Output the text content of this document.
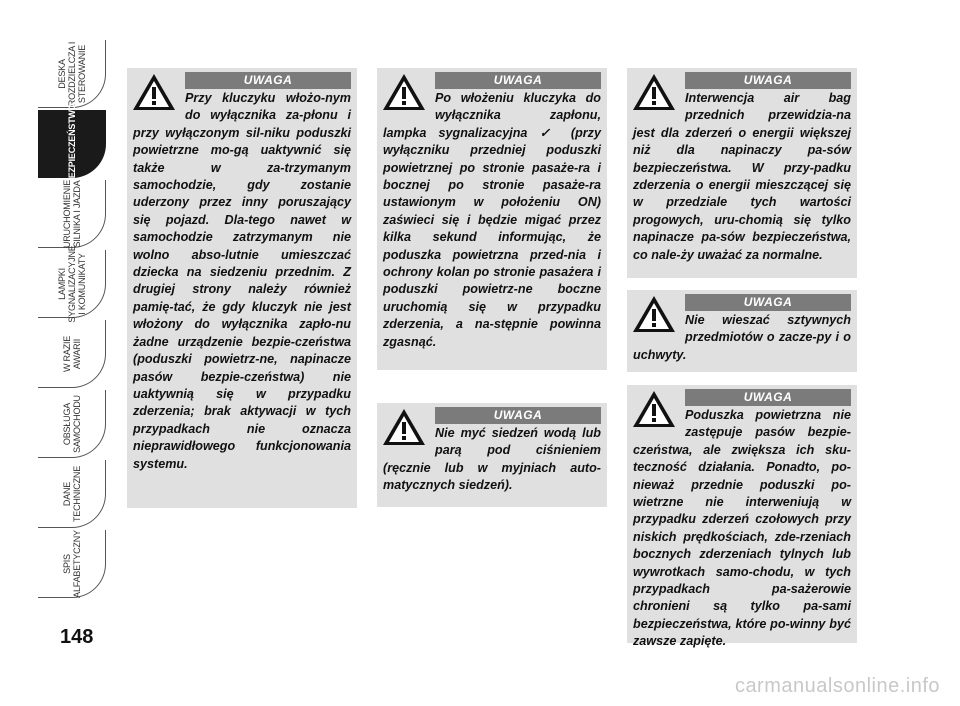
DESKA
ROZDZIELCZA I
STEROWANIE
BEZPIECZEŃSTWO
URUCHOMIENIE
SILNIKA I JAZDA
LAMPKI
SYGNALIZACYJNE
I KOMUNIKATY
W RAZIE
AWARII
OBSŁUGA
SAMOCHODU
DANE
TECHNICZNE
SPIS
ALFABETYCZNY
148
UWAGA

Przy kluczyku włożo-nym do wyłącznika za-płonu i przy wyłączonym sil-niku poduszki powietrzne mo-gą uaktywnić się także w za-trzymanym samochodzie, gdy zostanie uderzony przez inny poruszający się pojazd. Dla-tego nawet w samochodzie zatrzymanym nie wolno abso-lutnie umieszczać dziecka na siedzeniu przednim. Z drugiej strony należy również pamię-tać, że gdy kluczyk nie jest włożony do wyłącznika zapło-nu żadne urządzenie bezpie-czeństwa (poduszki powietrz-ne, napinacze pasów bezpie-czeństwa) nie uaktywnią się w przypadku zderzenia; brak aktywacji w tych przypadkach nie oznacza nieprawidłowego funkcjonowania systemu.

UWAGA

Po włożeniu kluczyka do wyłącznika zapłonu, lampka sygnalizacyjna ✓ (przy wyłączniku przedniej poduszki powietrznej po stronie pasaże-ra i bocznej po stronie pasaże-ra ustawionym w położeniu ON) zaświeci się i będzie migać przez kilka sekund informując, że poduszka powietrzna przed-nia i ochrony kolan po stronie pasażera i poduszki powietrz-ne boczne uruchomią się w przypadku zderzenia, a na-stępnie powinna zgasnąć.

UWAGA

Nie myć siedzeń wodą lub parą pod ciśnieniem (ręcznie lub w myjniach auto-matycznych siedzeń).

UWAGA

Interwencja air bag przednich przewidzia-na jest dla zderzeń o energii większej niż dla napinaczy pa-sów bezpieczeństwa. W przy-padku zderzenia o energii mieszczącej się w przedziale tych wartości progowych, uru-chomią się tylko napinacze pa-sów bezpieczeństwa, co nale-ży uważać za normalne.

UWAGA

Nie wieszać sztywnych przedmiotów o zacze-py i o uchwyty.

UWAGA

Poduszka powietrzna nie zastępuje pasów bezpie-czeństwa, ale zwiększa ich sku-teczność działania. Ponadto, po-nieważ przednie poduszki po-wietrzne nie interweniują w przypadku zderzeń czołowych przy niskich prędkościach, zde-rzeniach bocznych zderzeniach tylnych lub wywrotkach samo-chodu, w tych przypadkach pa-sażerowie chronieni są tylko pa-sami bezpieczeństwa, które po-winny być zawsze zapięte.

carmanualsonline.info
